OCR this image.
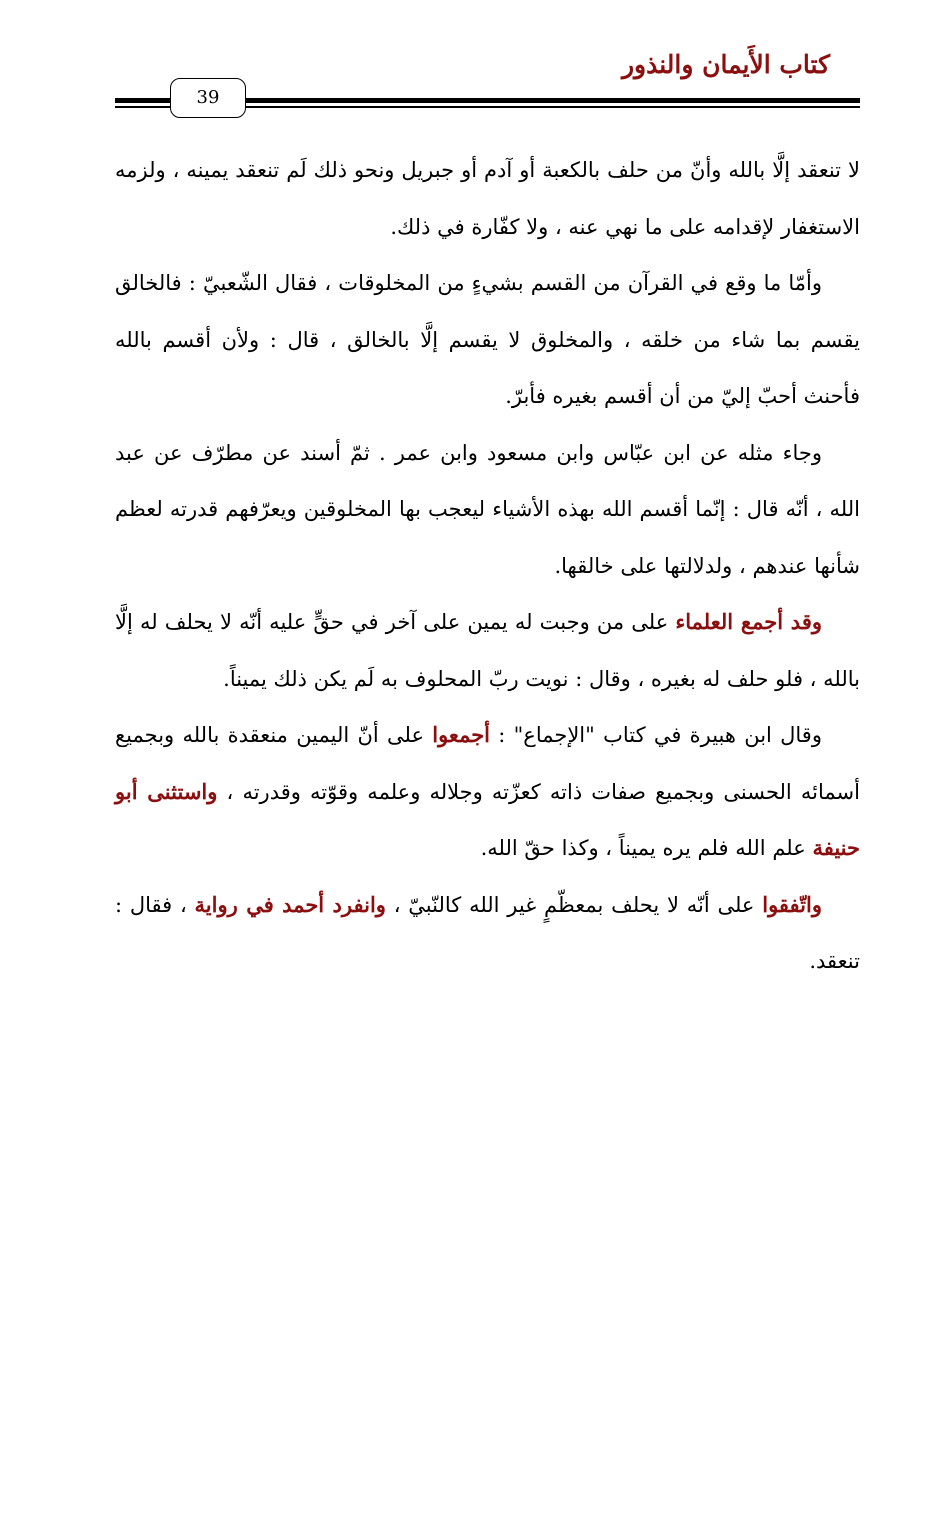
كتاب الأَيمان والنذور
39

لا تنعقد إلَّا بالله وأنّ من حلف بالكعبة أو آدم أو جبريل ونحو ذلك لَم تنعقد يمينه ، ولزمه الاستغفار لإقدامه على ما نهي عنه ، ولا كفّارة في ذلك.

وأمّا ما وقع في القرآن من القسم بشيءٍ من المخلوقات ، فقال الشّعبيّ : فالخالق يقسم بما شاء من خلقه ، والمخلوق لا يقسم إلَّا بالخالق ، قال : ولأن أقسم بالله فأحنث أحبّ إليّ من أن أقسم بغيره فأبرّ.

وجاء مثله عن ابن عبّاس وابن مسعود وابن عمر . ثمّ أسند عن مطرّف عن عبد الله ، أنّه قال : إنّما أقسم الله بهذه الأشياء ليعجب بها المخلوقين ويعرّفهم قدرته لعظم شأنها عندهم ، ولدلالتها على خالقها.

وقد أجمع العلماء على من وجبت له يمين على آخر في حقٍّ عليه أنّه لا يحلف له إلَّا بالله ، فلو حلف له بغيره ، وقال : نويت ربّ المحلوف به لَم يكن ذلك يميناً.

وقال ابن هبيرة في كتاب "الإجماع" : أجمعوا على أنّ اليمين منعقدة بالله وبجميع أسمائه الحسنى وبجميع صفات ذاته كعزّته وجلاله وعلمه وقوّته وقدرته ، واستثنى أبو حنيفة علم الله فلم يره يميناً ، وكذا حقّ الله.

واتّفقوا على أنّه لا يحلف بمعظّمٍ غير الله كالنّبيّ ، وانفرد أحمد في رواية ، فقال : تنعقد.
